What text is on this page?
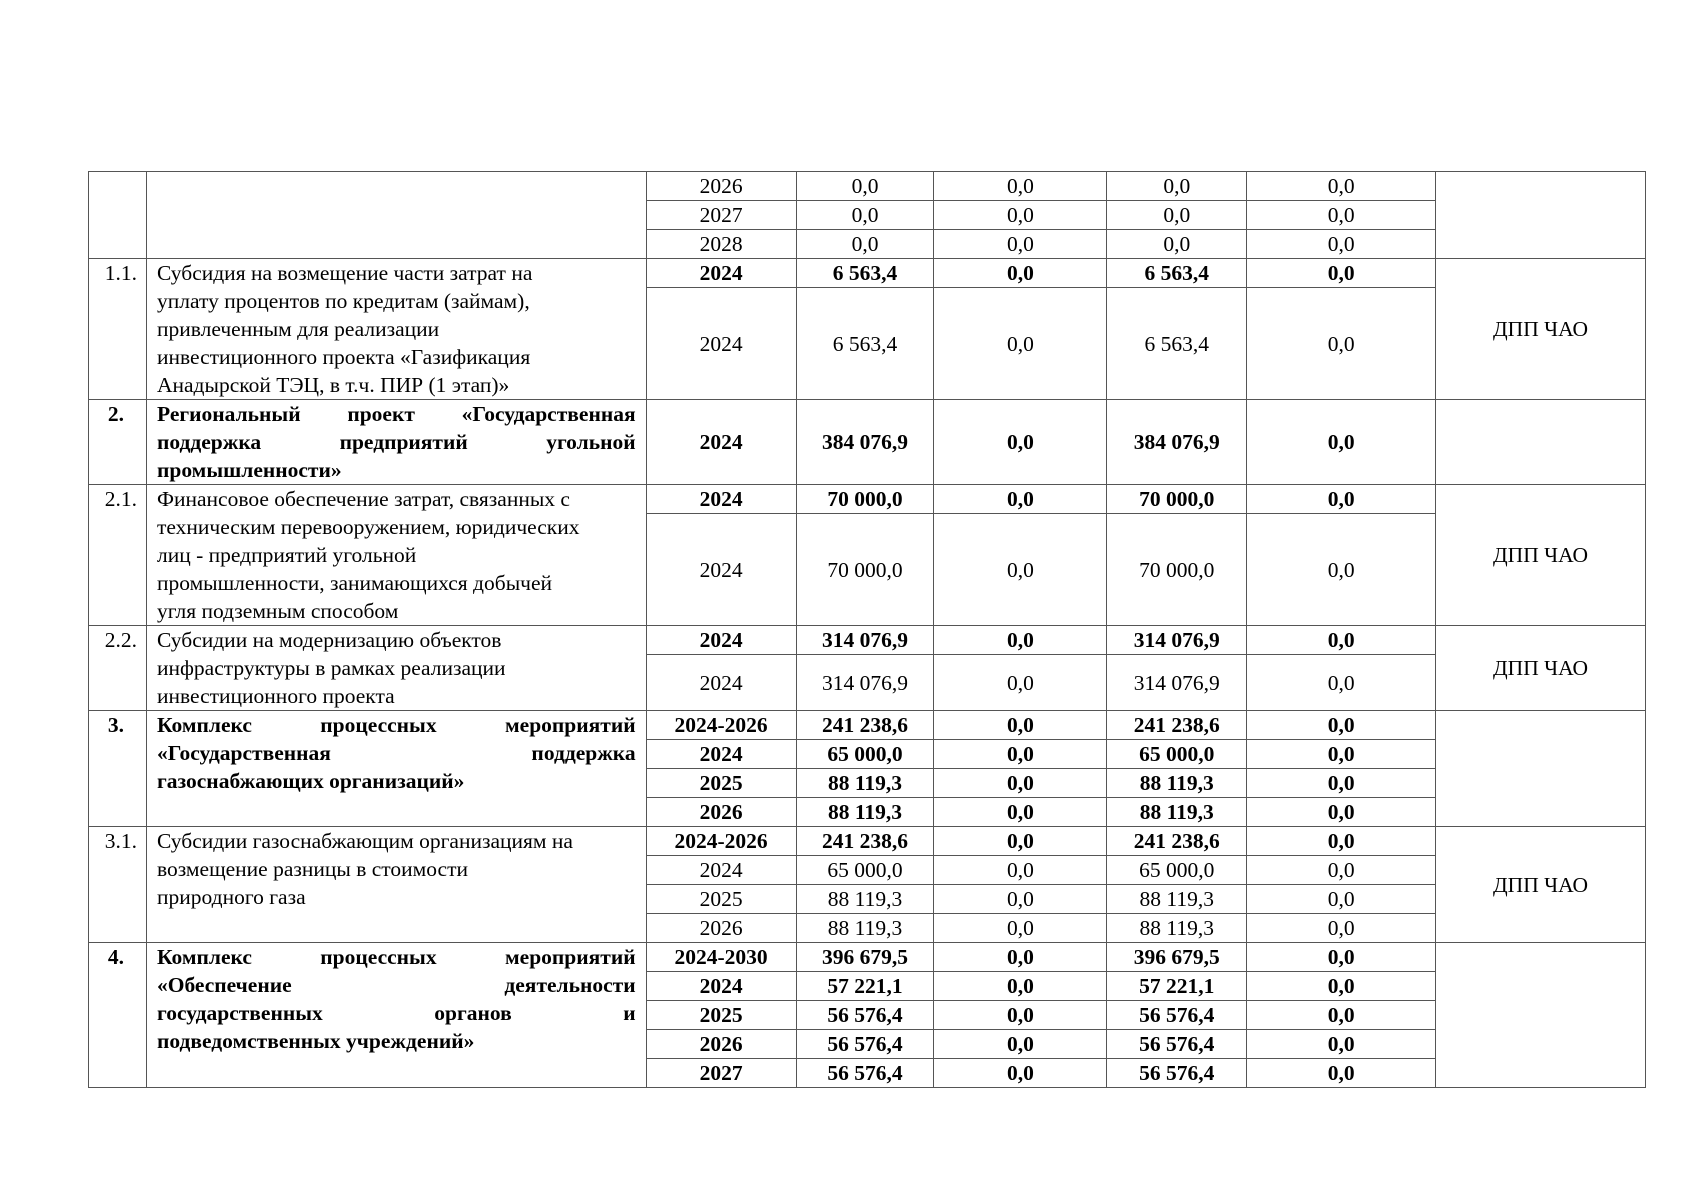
		2026	0,0	0,0	0,0	0,0	
		2027	0,0	0,0	0,0	0,0	
		2028	0,0	0,0	0,0	0,0	
1.1.	Субсидия на возмещение части затрат на
уплату процентов по кредитам (займам),
привлеченным для реализации
инвестиционного проекта «Газификация
Анадырской ТЭЦ, в т.ч. ПИР (1 этап)»	2024	6 563,4	0,0	6 563,4	0,0	ДПП ЧАО
		2024	6 563,4	0,0	6 563,4	0,0	
2.	Региональный проект «Государственная
поддержка предприятий угольной
промышленности»	2024	384 076,9	0,0	384 076,9	0,0	
2.1.	Финансовое обеспечение затрат, связанных с
техническим перевооружением, юридических
лиц - предприятий угольной
промышленности, занимающихся добычей
угля подземным способом	2024	70 000,0	0,0	70 000,0	0,0	ДПП ЧАО
		2024	70 000,0	0,0	70 000,0	0,0	
2.2.	Субсидии на модернизацию объектов
инфраструктуры в рамках реализации
инвестиционного проекта	2024	314 076,9	0,0	314 076,9	0,0	ДПП ЧАО
		2024	314 076,9	0,0	314 076,9	0,0	
3.	Комплекс процессных мероприятий
«Государственная поддержка
газоснабжающих организаций»	2024-2026	241 238,6	0,0	241 238,6	0,0	
		2024	65 000,0	0,0	65 000,0	0,0	
		2025	88 119,3	0,0	88 119,3	0,0	
		2026	88 119,3	0,0	88 119,3	0,0	
3.1.	Субсидии газоснабжающим организациям на
возмещение разницы в стоимости
природного газа	2024-2026	241 238,6	0,0	241 238,6	0,0	ДПП ЧАО
		2024	65 000,0	0,0	65 000,0	0,0	
		2025	88 119,3	0,0	88 119,3	0,0	
		2026	88 119,3	0,0	88 119,3	0,0	
4.	Комплекс процессных мероприятий
«Обеспечение деятельности
государственных органов и
подведомственных учреждений»	2024-2030	396 679,5	0,0	396 679,5	0,0	
		2024	57 221,1	0,0	57 221,1	0,0	
		2025	56 576,4	0,0	56 576,4	0,0	
		2026	56 576,4	0,0	56 576,4	0,0	
		2027	56 576,4	0,0	56 576,4	0,0	
